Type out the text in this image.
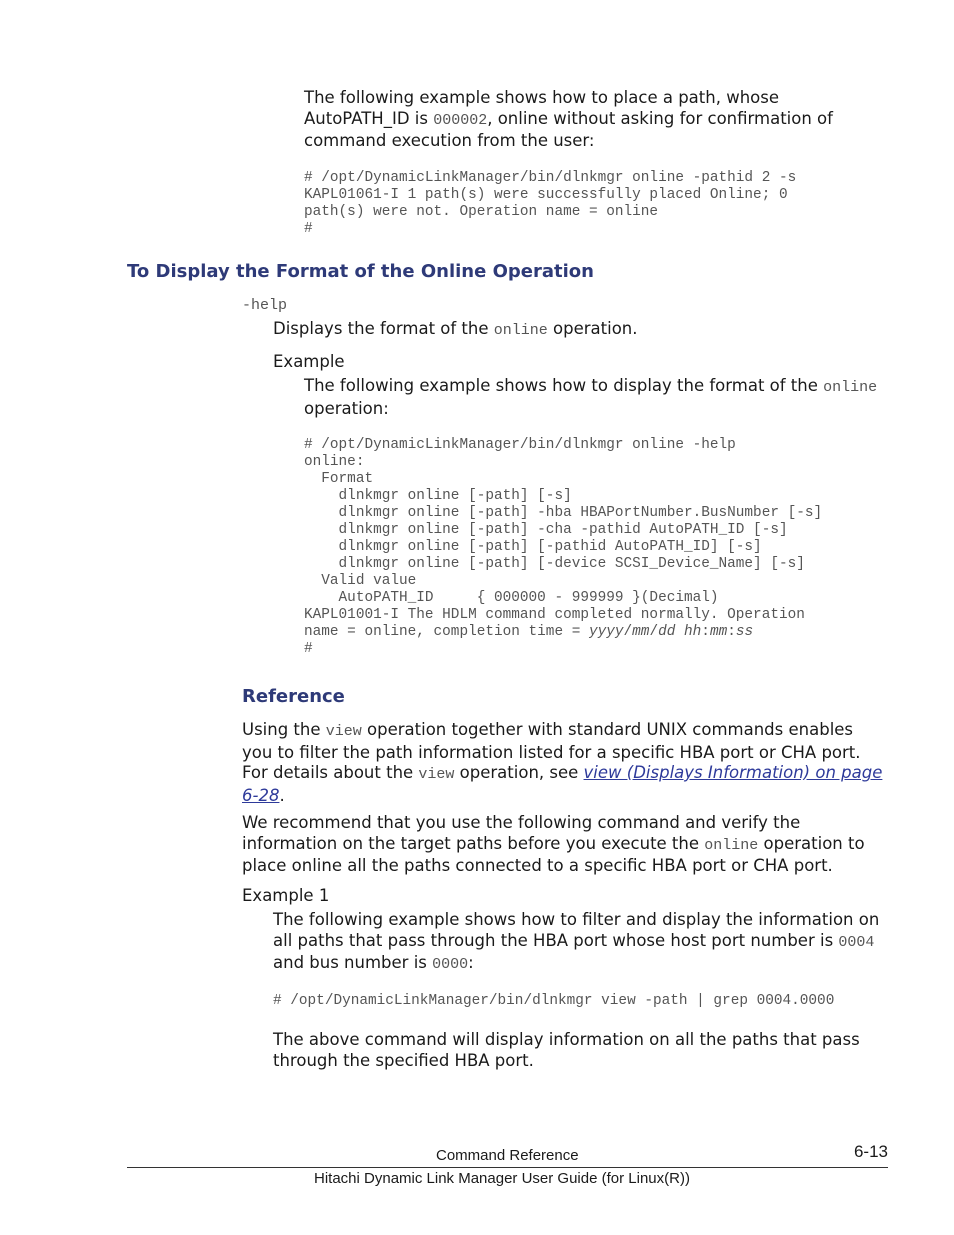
The following example shows how to place a path, whose
AutoPATH_ID is 000002, online without asking for confirmation of
command execution from the user:
# /opt/DynamicLinkManager/bin/dlnkmgr online -pathid 2 -s
KAPL01061-I 1 path(s) were successfully placed Online; 0
path(s) were not. Operation name = online
#
To Display the Format of the Online Operation
-help
Displays the format of the online operation.
Example
The following example shows how to display the format of the online
operation:
# /opt/DynamicLinkManager/bin/dlnkmgr online -help
online:
Format
dlnkmgr online [-path] [-s]
dlnkmgr online [-path] -hba HBAPortNumber.BusNumber [-s]
dlnkmgr online [-path] -cha -pathid AutoPATH_ID [-s]
dlnkmgr online [-path] [-pathid AutoPATH_ID] [-s]
dlnkmgr online [-path] [-device SCSI_Device_Name] [-s]
Valid value
AutoPATH_ID     { 000000 - 999999 }(Decimal)
KAPL01001-I The HDLM command completed normally. Operation
name = online, completion time = yyyy/mm/dd hh:mm:ss
#
Reference
Using the view operation together with standard UNIX commands enables
you to filter the path information listed for a specific HBA port or CHA port.
For details about the view operation, see view (Displays Information) on page
6-28.
We recommend that you use the following command and verify the
information on the target paths before you execute the online operation to
place online all the paths connected to a specific HBA port or CHA port.
Example 1
The following example shows how to filter and display the information on
all paths that pass through the HBA port whose host port number is 0004
and bus number is 0000:
# /opt/DynamicLinkManager/bin/dlnkmgr view -path | grep 0004.0000
The above command will display information on all the paths that pass
through the specified HBA port.
Command Reference	6-13
Hitachi Dynamic Link Manager User Guide (for Linux(R))
